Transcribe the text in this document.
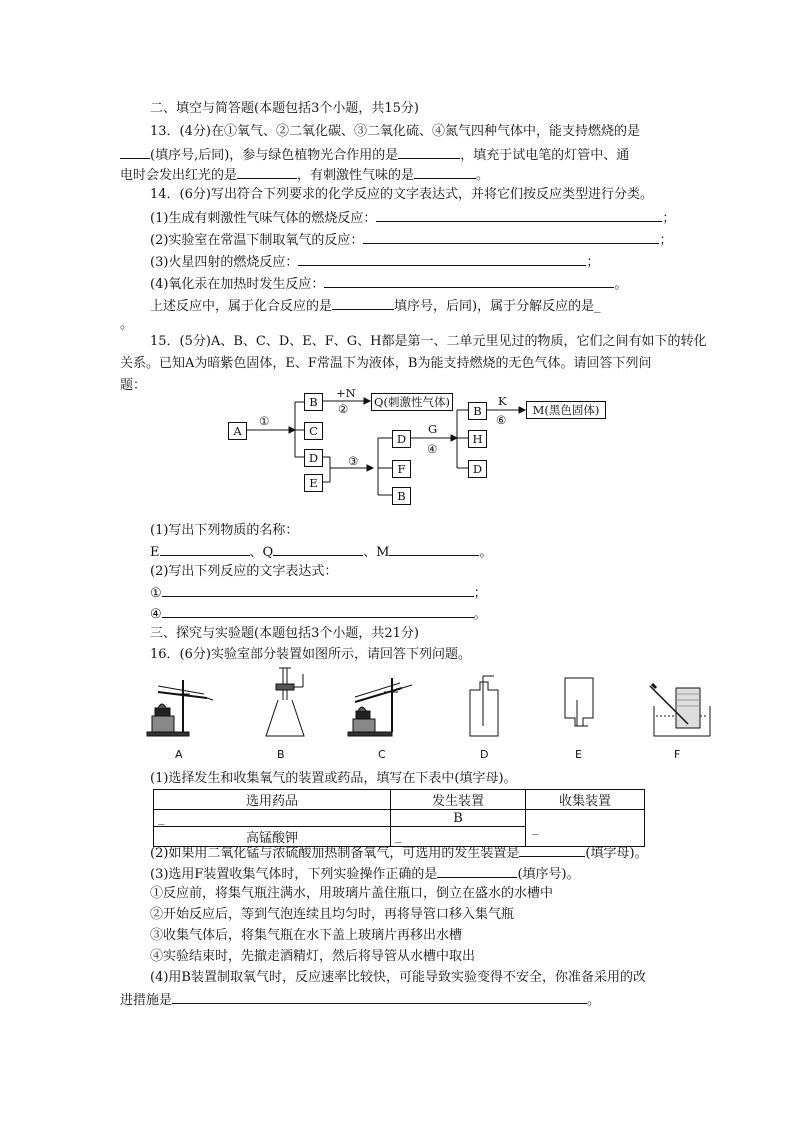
二、填空与简答题(本题包括3个小题，共15分)
13．(4分)在①氧气、②二氧化碳、③二氧化硫、④氮气四种气体中，能支持燃烧的是
(填序号,后同)，参与绿色植物光合作用的是	，填充于试电笔的灯管中、通
电时会发出红光的是	，有刺激性气味的是	。
14．(6分)写出符合下列要求的化学反应的文字表达式，并将它们按反应类型进行分类。
(1)生成有刺激性气味气体的燃烧反应：	；
(2)实验室在常温下制取氧气的反应：	；
(3)火星四射的燃烧反应：	；
(4)氧化汞在加热时发生反应：	。
上述反应中，属于化合反应的是	填序号，后同)，属于分解反应的是_
。
15．(5分)A、B、C、D、E、F、G、H都是第一、二单元里见过的物质，它们之间有如下的转化
关系。已知A为暗紫色固体，E、F常温下为液体，B为能支持燃烧的无色气体。请回答下列问
题：
A
B
C
D
E
Q(刺激性气体)
D
F
B
B
H
D
M(黑色固体)
+N
②
①
③
G
④
K
⑥
(1)写出下列物质的名称：
E	、Q	、M	。
(2)写出下列反应的文字表达式：
①	；
④	。
三、探究与实验题(本题包括3个小题，共21分)
16．(6分)实验室部分装置如图所示，请回答下列问题。
A	B	C	D	E	F
(1)选择发生和收集氧气的装置或药品，填写在下表中(填字母)。
选用药品	发生装置	收集装置
_	B	_
高锰酸钾	_	
(2)如果用二氧化锰与浓硫酸加热制备氧气，可选用的发生装置是	(填字母)。
(3)选用F装置收集气体时，下列实验操作正确的是	(填序号)。
①反应前，将集气瓶注满水，用玻璃片盖住瓶口，倒立在盛水的水槽中
②开始反应后，等到气泡连续且均匀时，再将导管口移入集气瓶
③收集气体后，将集气瓶在水下盖上玻璃片再移出水槽
④实验结束时，先撤走酒精灯，然后将导管从水槽中取出
(4)用B装置制取氧气时，反应速率比较快，可能导致实验变得不安全，你准备采用的改
进措施是	。
